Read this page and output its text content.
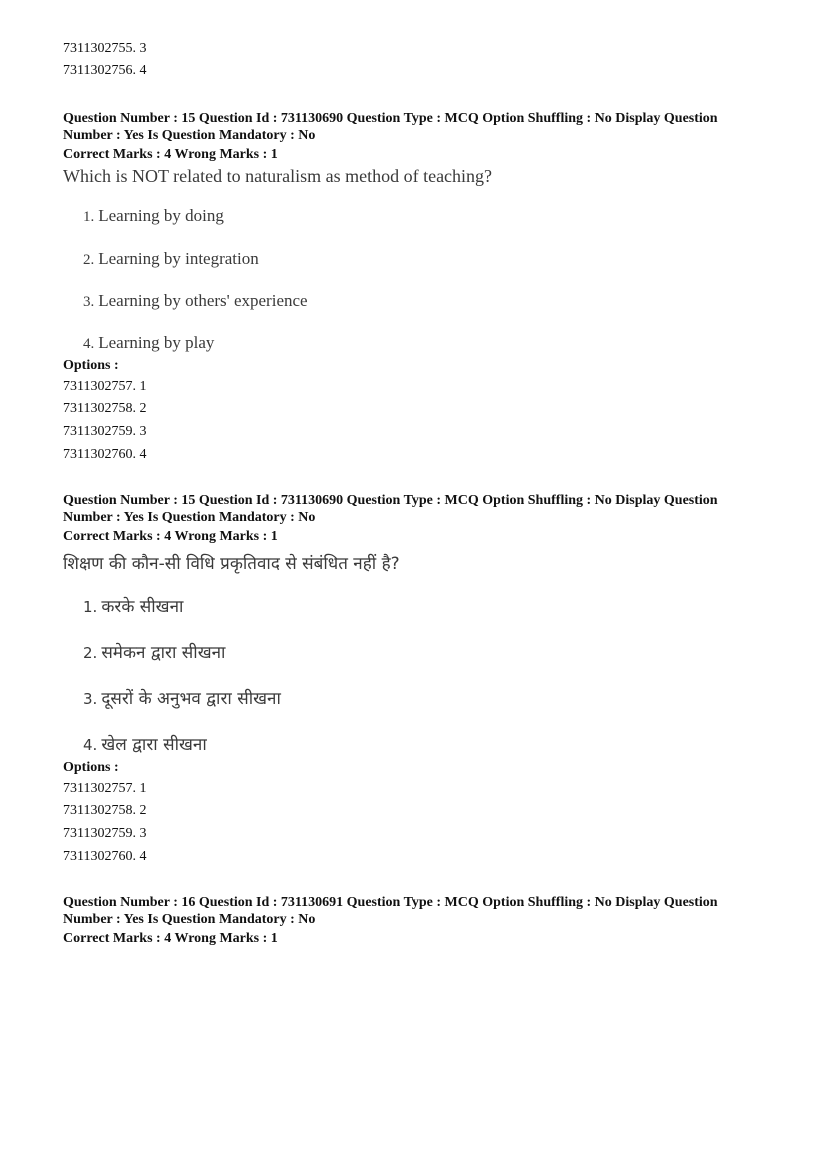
7311302755. 3
7311302756. 4
Question Number : 15 Question Id : 731130690 Question Type : MCQ Option Shuffling : No Display Question
Number : Yes Is Question Mandatory : No
Correct Marks : 4 Wrong Marks : 1
Which is NOT related to naturalism as method of teaching?
1. Learning by doing
2. Learning by integration
3. Learning by others' experience
4. Learning by play
Options :
7311302757. 1
7311302758. 2
7311302759. 3
7311302760. 4
Question Number : 15 Question Id : 731130690 Question Type : MCQ Option Shuffling : No Display Question
Number : Yes Is Question Mandatory : No
Correct Marks : 4 Wrong Marks : 1
शिक्षण की कौन-सी विधि प्रकृतिवाद से संबंधित नहीं है?
1. करके सीखना
2. समेकन द्वारा सीखना
3. दूसरों के अनुभव द्वारा सीखना
4. खेल द्वारा सीखना
Options :
7311302757. 1
7311302758. 2
7311302759. 3
7311302760. 4
Question Number : 16 Question Id : 731130691 Question Type : MCQ Option Shuffling : No Display Question
Number : Yes Is Question Mandatory : No
Correct Marks : 4 Wrong Marks : 1
